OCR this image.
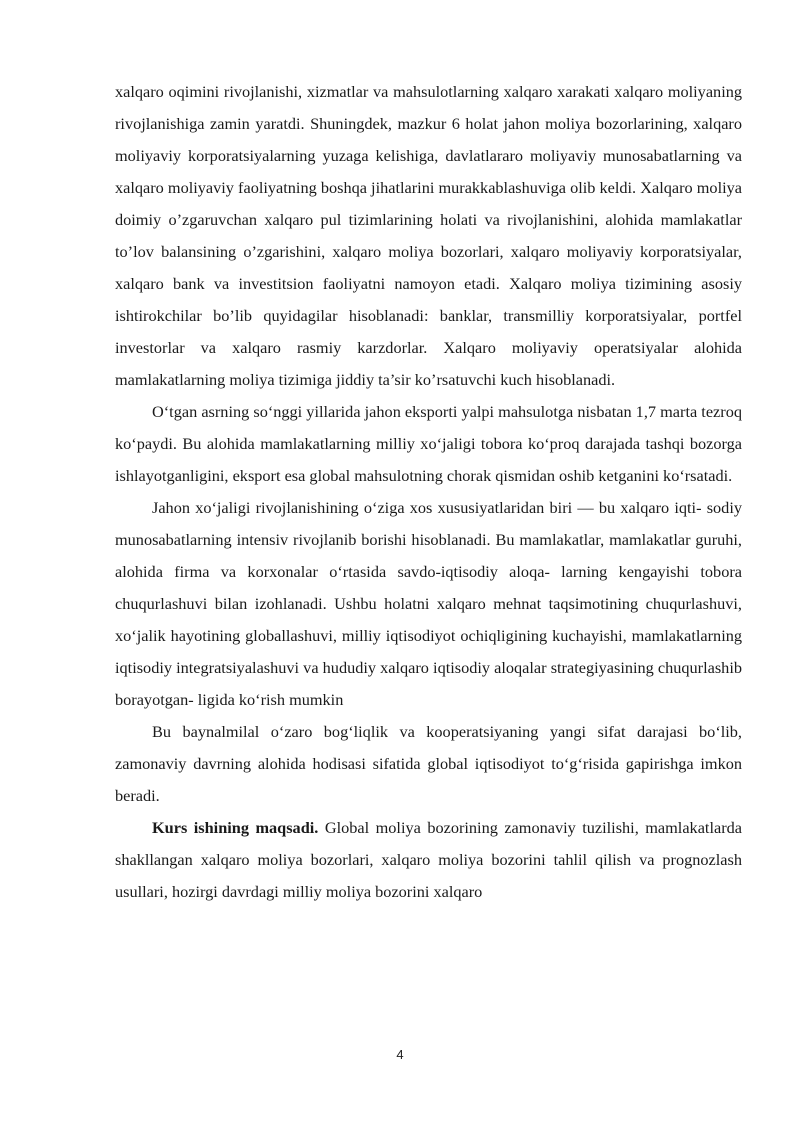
xalqaro oqimini rivojlanishi, xizmatlar va mahsulotlarning xalqaro xarakati xalqaro moliyaning rivojlanishiga zamin yaratdi. Shuningdek, mazkur 6 holat jahon moliya bozorlarining, xalqaro moliyaviy korporatsiyalarning yuzaga kelishiga, davlatlararo moliyaviy munosabatlarning va xalqaro moliyaviy faoliyatning boshqa jihatlarini murakkablashuviga olib keldi. Xalqaro moliya doimiy o’zgaruvchan xalqaro pul tizimlarining holati va rivojlanishini, alohida mamlakatlar to’lov balansining o’zgarishini, xalqaro moliya bozorlari, xalqaro moliyaviy korporatsiyalar, xalqaro bank va investitsion faoliyatni namoyon etadi. Xalqaro moliya tizimining asosiy ishtirokchilar bo’lib quyidagilar hisoblanadi: banklar, transmilliy korporatsiyalar, portfel investorlar va xalqaro rasmiy karzdorlar. Xalqaro moliyaviy operatsiyalar alohida mamlakatlarning moliya tizimiga jiddiy ta’sir ko’rsatuvchi kuch hisoblanadi.

O‘tgan asrning so‘nggi yillarida jahon eksporti yalpi mahsulotga nisbatan 1,7 marta tezroq ko‘paydi. Bu alohida mamlakatlarning milliy xo‘jaligi tobora ko‘proq darajada tashqi bozorga ishlayotganligini, eksport esa global mahsulotning chorak qismidan oshib ketganini ko‘rsatadi.

Jahon xo‘jaligi rivojlanishining o‘ziga xos xususiyatlaridan biri — bu xalqaro iqti- sodiy munosabatlarning intensiv rivojlanib borishi hisoblanadi. Bu mamlakatlar, mamlakatlar guruhi, alohida firma va korxonalar o‘rtasida savdo-iqtisodiy aloqa- larning kengayishi tobora chuqurlashuvi bilan izohlanadi. Ushbu holatni xalqaro mehnat taqsimotining chuqurlashuvi, xo‘jalik hayotining globallashuvi, milliy iqtisodiyot ochiqligining kuchayishi, mamlakatlarning iqtisodiy integratsiyalashuvi va hududiy xalqaro iqtisodiy aloqalar strategiyasining chuqurlashib borayotgan- ligida ko‘rish mumkin

Bu baynalmilal o‘zaro bog‘liqlik va kooperatsiyaning yangi sifat darajasi bo‘lib, zamonaviy davrning alohida hodisasi sifatida global iqtisodiyot to‘g‘risida gapirishga imkon beradi.

Kurs ishining maqsadi. Global moliya bozorining zamonaviy tuzilishi, mamlakatlarda shakllangan xalqaro moliya bozorlari, xalqaro moliya bozorini tahlil qilish va prognozlash usullari, hozirgi davrdagi milliy moliya bozorini xalqaro

4
